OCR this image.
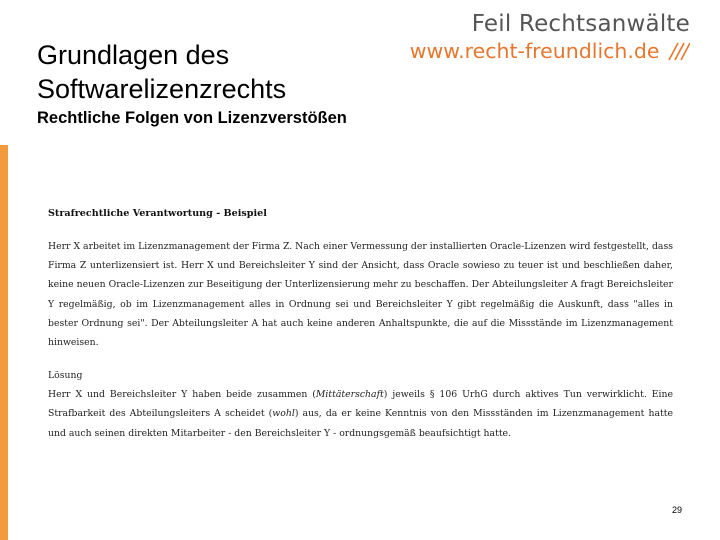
Feil Rechtsanwälte
www.recht-freundlich.de
Grundlagen des
Softwarelizenzrechts
Rechtliche Folgen von Lizenzverstößen

Strafrechtliche Verantwortung - Beispiel

Herr X arbeitet im Lizenzmanagement der Firma Z. Nach einer Vermessung der installierten Oracle-Lizenzen wird festgestellt, dass Firma Z unterlizensiert ist. Herr X und Bereichsleiter Y sind der Ansicht, dass Oracle sowieso zu teuer ist und beschließen daher, keine neuen Oracle-Lizenzen zur Beseitigung der Unterlizensierung mehr zu beschaffen. Der Abteilungsleiter A fragt Bereichsleiter Y regelmäßig, ob im Lizenzmanagement alles in Ordnung sei und Bereichsleiter Y gibt regelmäßig die Auskunft, dass "alles in bester Ordnung sei". Der Abteilungsleiter A hat auch keine anderen Anhaltspunkte, die auf die Missstände im Lizenzmanagement hinweisen.

Lösung

Herr X und Bereichsleiter Y haben beide zusammen (Mittäterschaft) jeweils § 106 UrhG durch aktives Tun verwirklicht. Eine Strafbarkeit des Abteilungsleiters A scheidet (wohl) aus, da er keine Kenntnis von den Missständen im Lizenzmanagement hatte und auch seinen direkten Mitarbeiter - den Bereichsleiter Y - ordnungsgemäß beaufsichtigt hatte.

29
